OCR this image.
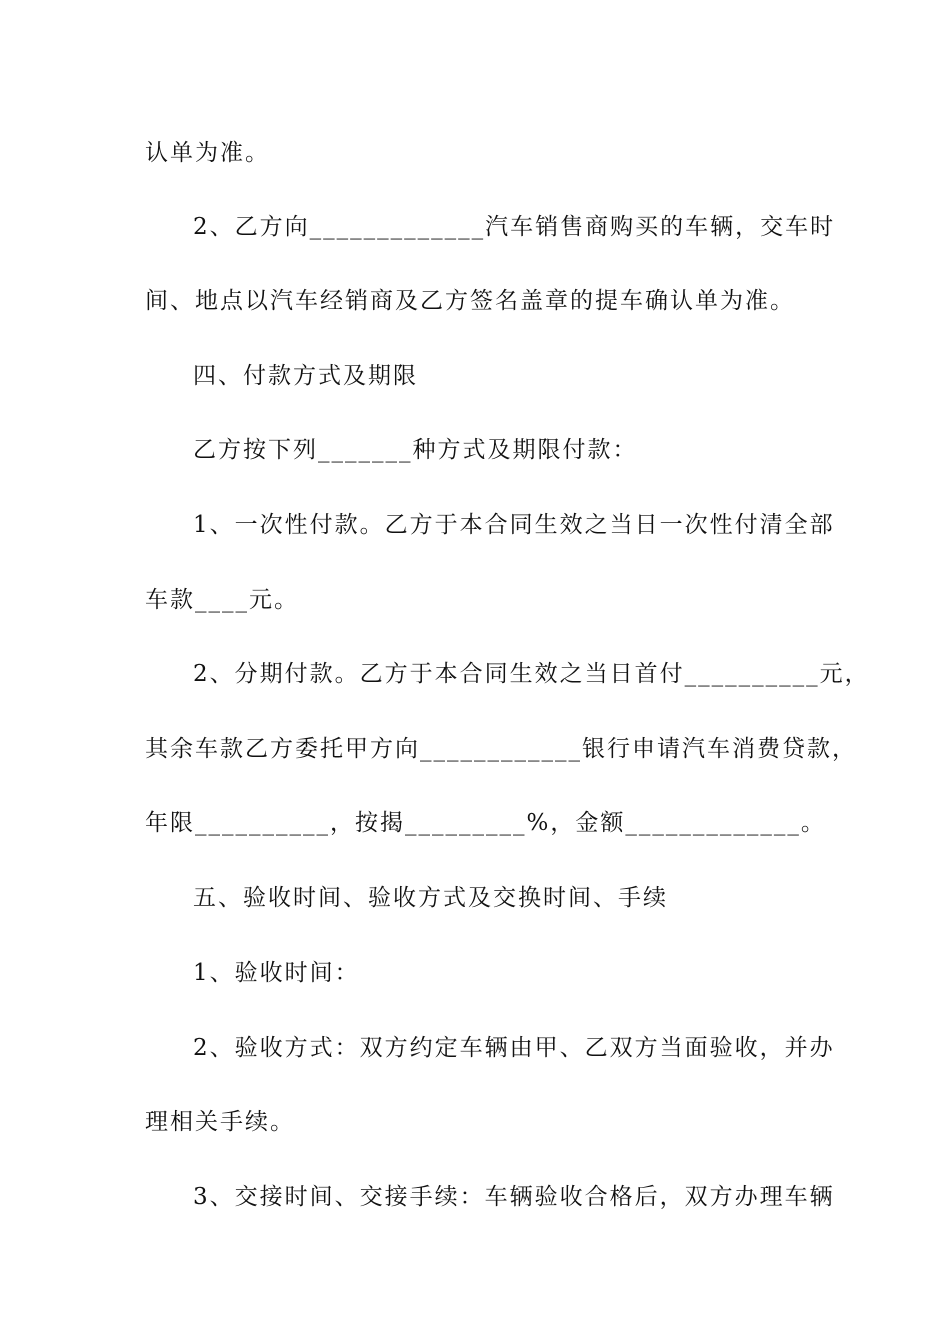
认单为准。
2、乙方向_____________汽车销售商购买的车辆，交车时
间、地点以汽车经销商及乙方签名盖章的提车确认单为准。
四、付款方式及期限
乙方按下列_______种方式及期限付款：
1、一次性付款。乙方于本合同生效之当日一次性付清全部
车款____元。
2、分期付款。乙方于本合同生效之当日首付__________元，
其余车款乙方委托甲方向____________银行申请汽车消费贷款，
年限__________，按揭_________%，金额_____________。
五、验收时间、验收方式及交换时间、手续
1、验收时间：
2、验收方式：双方约定车辆由甲、乙双方当面验收，并办
理相关手续。
3、交接时间、交接手续：车辆验收合格后，双方办理车辆
